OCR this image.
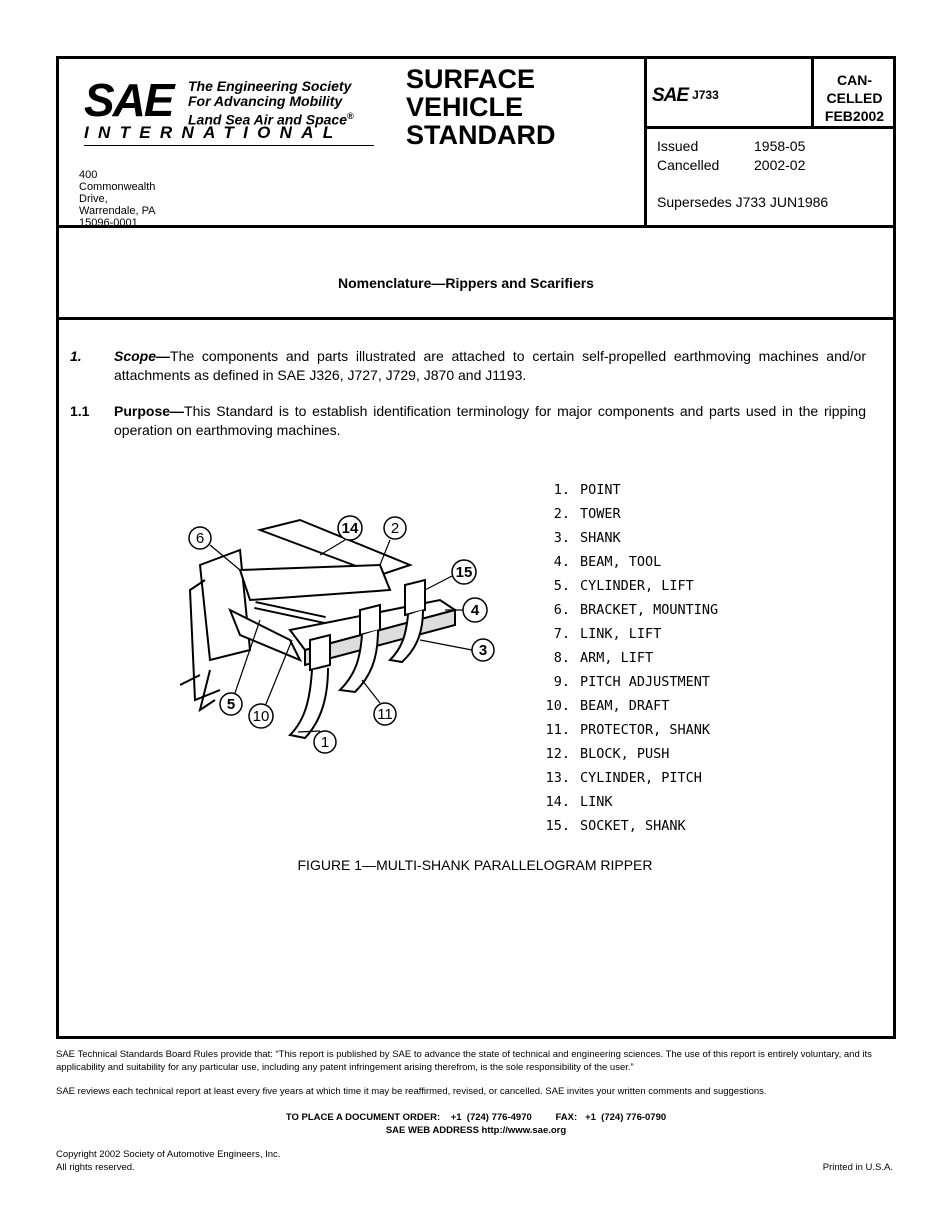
SAE The Engineering Society
For Advancing Mobility
Land Sea Air and Space®
INTERNATIONAL
400 Commonwealth Drive, Warrendale, PA 15096-0001
SURFACE
VEHICLE
STANDARD
SAE J733
CAN-
CELLED
FEB2002
Issued	1958-05
Cancelled 2002-02
Supersedes J733 JUN1986
Nomenclature—Rippers and Scarifiers
1. Scope—The components and parts illustrated are attached to certain self-propelled earthmoving machines and/or attachments as defined in SAE J326, J727, J729, J870 and J1193.
1.1 Purpose—This Standard is to establish identification terminology for major components and parts used in the ripping operation on earthmoving machines.
6
14 2
15
4
3
5
10	11
1
1. POINT
2. TOWER
3. SHANK
4. BEAM, TOOL
5. CYLINDER, LIFT
6. BRACKET, MOUNTING
7. LINK, LIFT
8. ARM, LIFT
9. PITCH ADJUSTMENT
10. BEAM, DRAFT
11. PROTECTOR, SHANK
12. BLOCK, PUSH
13. CYLINDER, PITCH
14. LINK
15. SOCKET, SHANK
FIGURE 1—MULTI-SHANK PARALLELOGRAM RIPPER

SAE Technical Standards Board Rules provide that: “This report is published by SAE to advance the state of technical and engineering sciences. The use of this report is entirely voluntary, and its applicability and suitability for any particular use, including any patent infringement arising therefrom, is the sole responsibility of the user.”

SAE reviews each technical report at least every five years at which time it may be reaffirmed, revised, or cancelled. SAE invites your written comments and suggestions.

TO PLACE A DOCUMENT ORDER:    +1  (724) 776-4970         FAX:   +1  (724) 776-0790
SAE WEB ADDRESS http://www.sae.org
Copyright 2002 Society of Automotive Engineers, Inc.
All rights reserved.	Printed in U.S.A.
